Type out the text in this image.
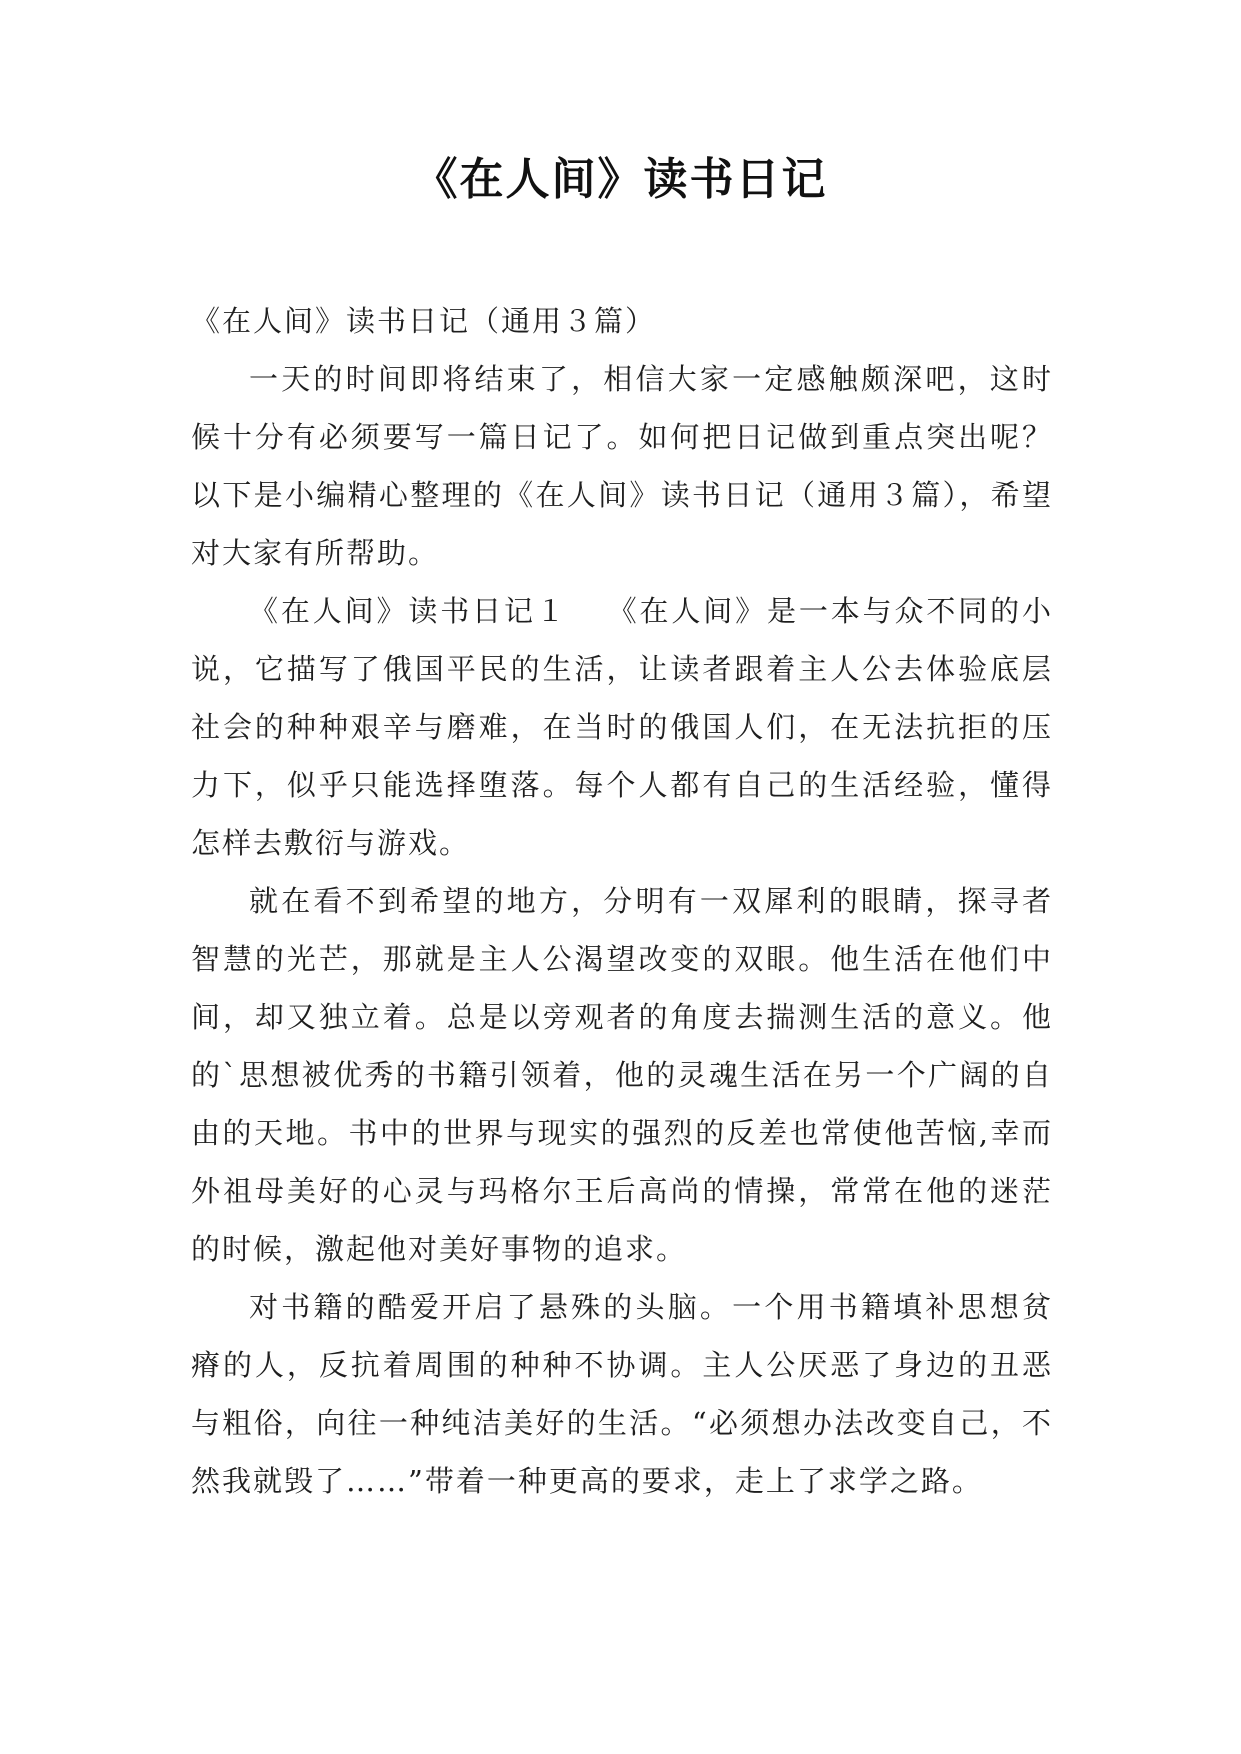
《在人间》读书日记

《在人间》读书日记（通用３篇）

一天的时间即将结束了，相信大家一定感触颇深吧，这时候十分有必须要写一篇日记了。如何把日记做到重点突出呢？以下是小编精心整理的《在人间》读书日记（通用３篇），希望对大家有所帮助。

《在人间》读书日记１ 《在人间》是一本与众不同的小说，它描写了俄国平民的生活，让读者跟着主人公去体验底层社会的种种艰辛与磨难，在当时的俄国人们，在无法抗拒的压力下，似乎只能选择堕落。每个人都有自己的生活经验，懂得怎样去敷衍与游戏。

就在看不到希望的地方，分明有一双犀利的眼睛，探寻者智慧的光芒，那就是主人公渴望改变的双眼。他生活在他们中间，却又独立着。总是以旁观者的角度去揣测生活的意义。他的`思想被优秀的书籍引领着，他的灵魂生活在另一个广阔的自由的天地。书中的世界与现实的强烈的反差也常使他苦恼,幸而外祖母美好的心灵与玛格尔王后高尚的情操，常常在他的迷茫的时候，激起他对美好事物的追求。

对书籍的酷爱开启了悬殊的头脑。一个用书籍填补思想贫瘠的人，反抗着周围的种种不协调。主人公厌恶了身边的丑恶与粗俗，向往一种纯洁美好的生活。“必须想办法改变自己，不然我就毁了……”带着一种更高的要求，走上了求学之路。
